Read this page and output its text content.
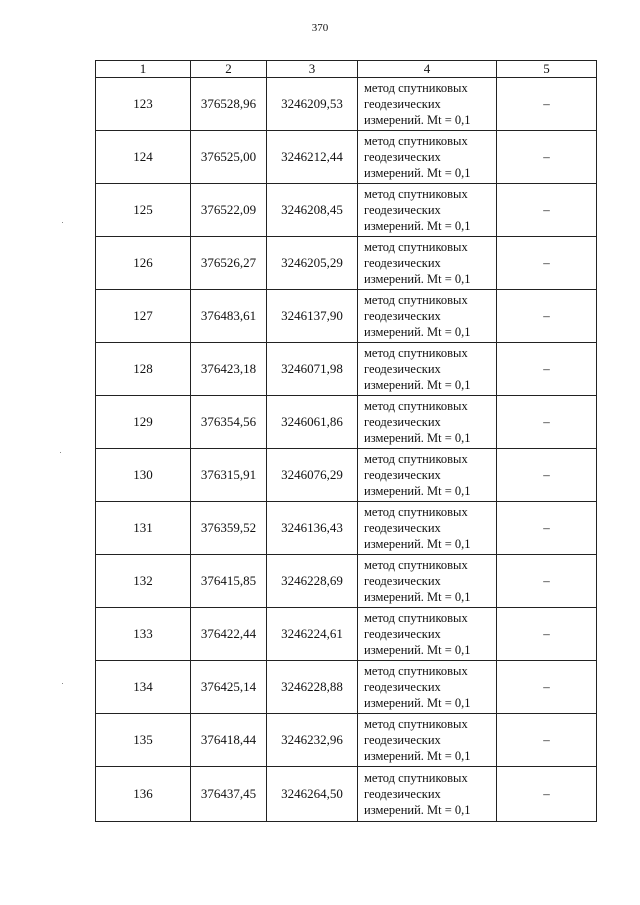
370
1	2	3	4	5
123	376528,96	3246209,53	метод спутниковых
геодезических
измерений. Mt = 0,1	–
124	376525,00	3246212,44	метод спутниковых
геодезических
измерений. Mt = 0,1	–
125	376522,09	3246208,45	метод спутниковых
геодезических
измерений. Mt = 0,1	–
126	376526,27	3246205,29	метод спутниковых
геодезических
измерений. Mt = 0,1	–
127	376483,61	3246137,90	метод спутниковых
геодезических
измерений. Mt = 0,1	–
128	376423,18	3246071,98	метод спутниковых
геодезических
измерений. Mt = 0,1	–
129	376354,56	3246061,86	метод спутниковых
геодезических
измерений. Mt = 0,1	–
130	376315,91	3246076,29	метод спутниковых
геодезических
измерений. Mt = 0,1	–
131	376359,52	3246136,43	метод спутниковых
геодезических
измерений. Mt = 0,1	–
132	376415,85	3246228,69	метод спутниковых
геодезических
измерений. Mt = 0,1	–
133	376422,44	3246224,61	метод спутниковых
геодезических
измерений. Mt = 0,1	–
134	376425,14	3246228,88	метод спутниковых
геодезических
измерений. Mt = 0,1	–
135	376418,44	3246232,96	метод спутниковых
геодезических
измерений. Mt = 0,1	–
136	376437,45	3246264,50	метод спутниковых
геодезических
измерений. Mt = 0,1	–
